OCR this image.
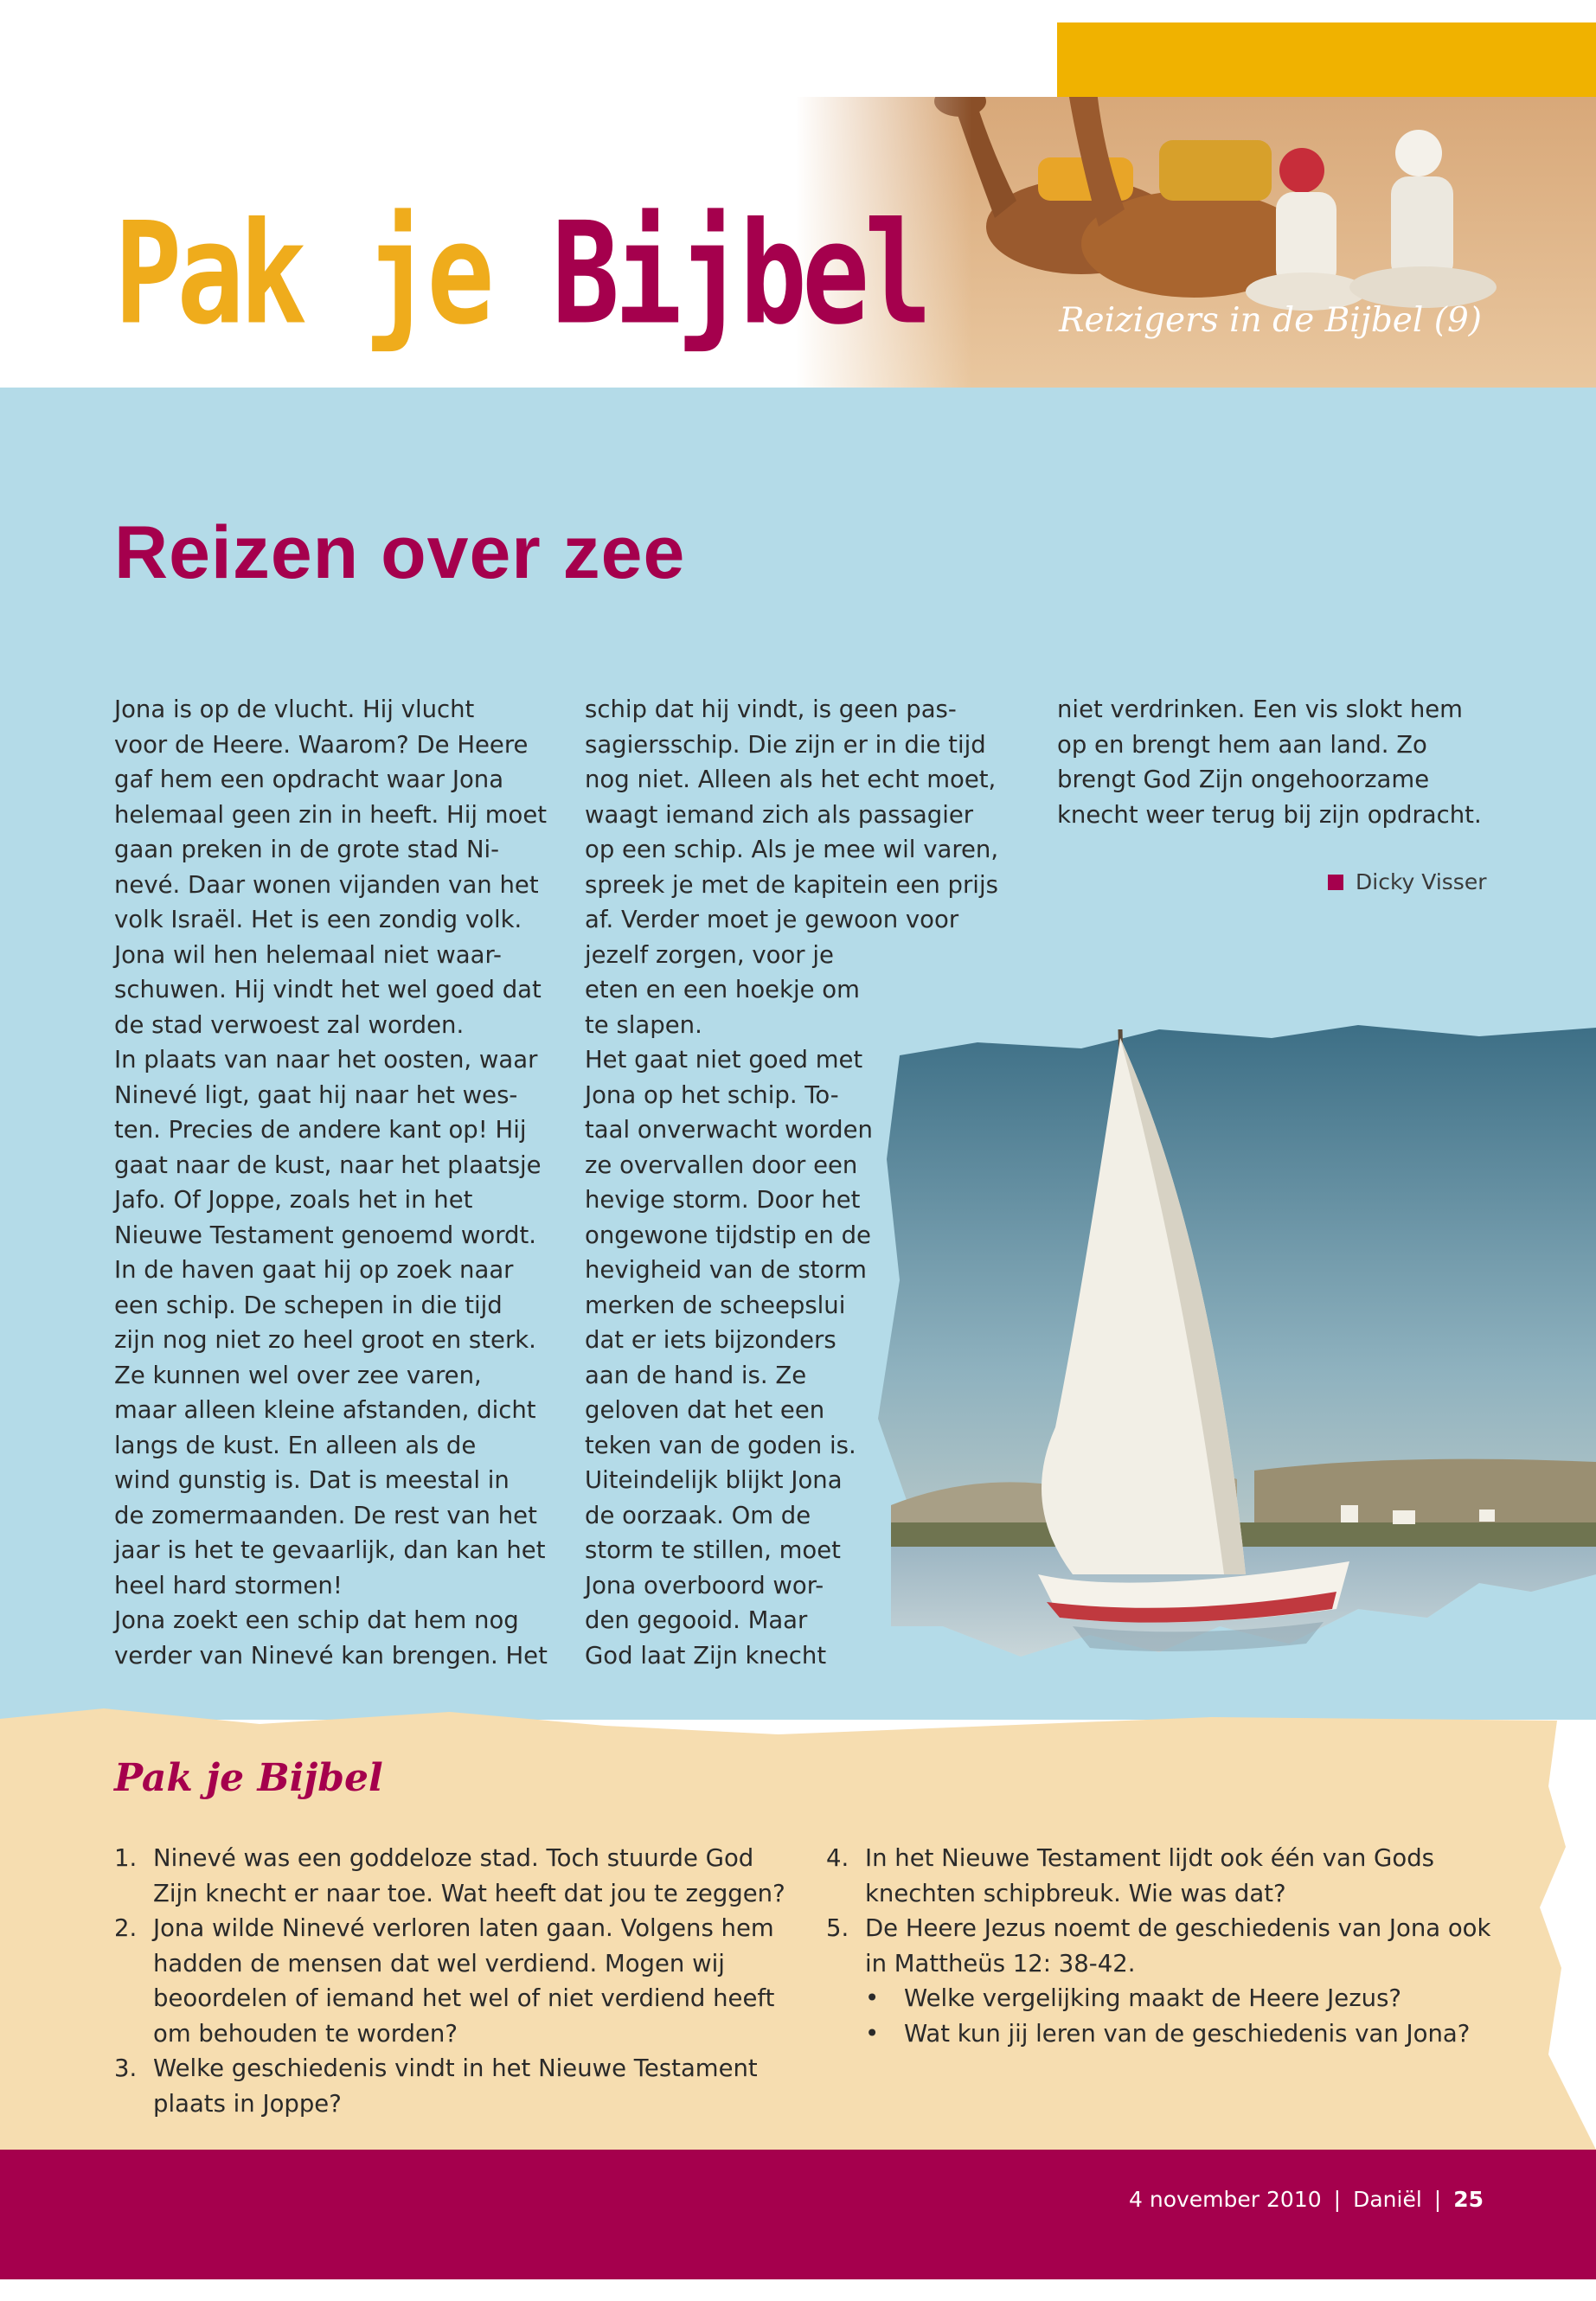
Pak je Bijbel	Reizigers in de Bijbel (9)
Reizen over zee
Jona is op de vlucht. Hij vlucht
voor de Heere. Waarom? De Heere
gaf hem een opdracht waar Jona
helemaal geen zin in heeft. Hij moet
gaan preken in de grote stad Ni-
nevé. Daar wonen vijanden van het
volk Israël. Het is een zondig volk.
Jona wil hen helemaal niet waar-
schuwen. Hij vindt het wel goed dat
de stad verwoest zal worden.
In plaats van naar het oosten, waar
Ninevé ligt, gaat hij naar het wes-
ten. Precies de andere kant op! Hij
gaat naar de kust, naar het plaatsje
Jafo. Of Joppe, zoals het in het
Nieuwe Testament genoemd wordt.
In de haven gaat hij op zoek naar
een schip. De schepen in die tijd
zijn nog niet zo heel groot en sterk.
Ze kunnen wel over zee varen,
maar alleen kleine afstanden, dicht
langs de kust. En alleen als de
wind gunstig is. Dat is meestal in
de zomermaanden. De rest van het
jaar is het te gevaarlijk, dan kan het
heel hard stormen!
Jona zoekt een schip dat hem nog
verder van Ninevé kan brengen. Het
schip dat hij vindt, is geen pas-
sagiersschip. Die zijn er in die tijd
nog niet. Alleen als het echt moet,
waagt iemand zich als passagier
op een schip. Als je mee wil varen,
spreek je met de kapitein een prijs
af. Verder moet je gewoon voor
jezelf zorgen, voor je
eten en een hoekje om
te slapen.
Het gaat niet goed met
Jona op het schip. To-
taal onverwacht worden
ze overvallen door een
hevige storm. Door het
ongewone tijdstip en de
hevigheid van de storm
merken de scheepslui
dat er iets bijzonders
aan de hand is. Ze
geloven dat het een
teken van de goden is.
Uiteindelijk blijkt Jona
de oorzaak. Om de
storm te stillen, moet
Jona overboord wor-
den gegooid. Maar
God laat Zijn knecht
niet verdrinken. Een vis slokt hem
op en brengt hem aan land. Zo
brengt God Zijn ongehoorzame
knecht weer terug bij zijn opdracht.
Dicky Visser
Pak je Bijbel
1. Ninevé was een goddeloze stad. Toch stuurde God Zijn knecht er naar toe. Wat heeft dat jou te zeggen?
2. Jona wilde Ninevé verloren laten gaan. Volgens hem hadden de mensen dat wel verdiend. Mogen wij beoordelen of iemand het wel of niet verdiend heeft om behouden te worden?
3. Welke geschiedenis vindt in het Nieuwe Testament plaats in Joppe?
4. In het Nieuwe Testament lijdt ook één van Gods knechten schipbreuk. Wie was dat?
5. De Heere Jezus noemt de geschiedenis van Jona ook in Mattheüs 12: 38-42.
• Welke vergelijking maakt de Heere Jezus?
• Wat kun jij leren van de geschiedenis van Jona?
4 november 2010 | Daniël | 25
